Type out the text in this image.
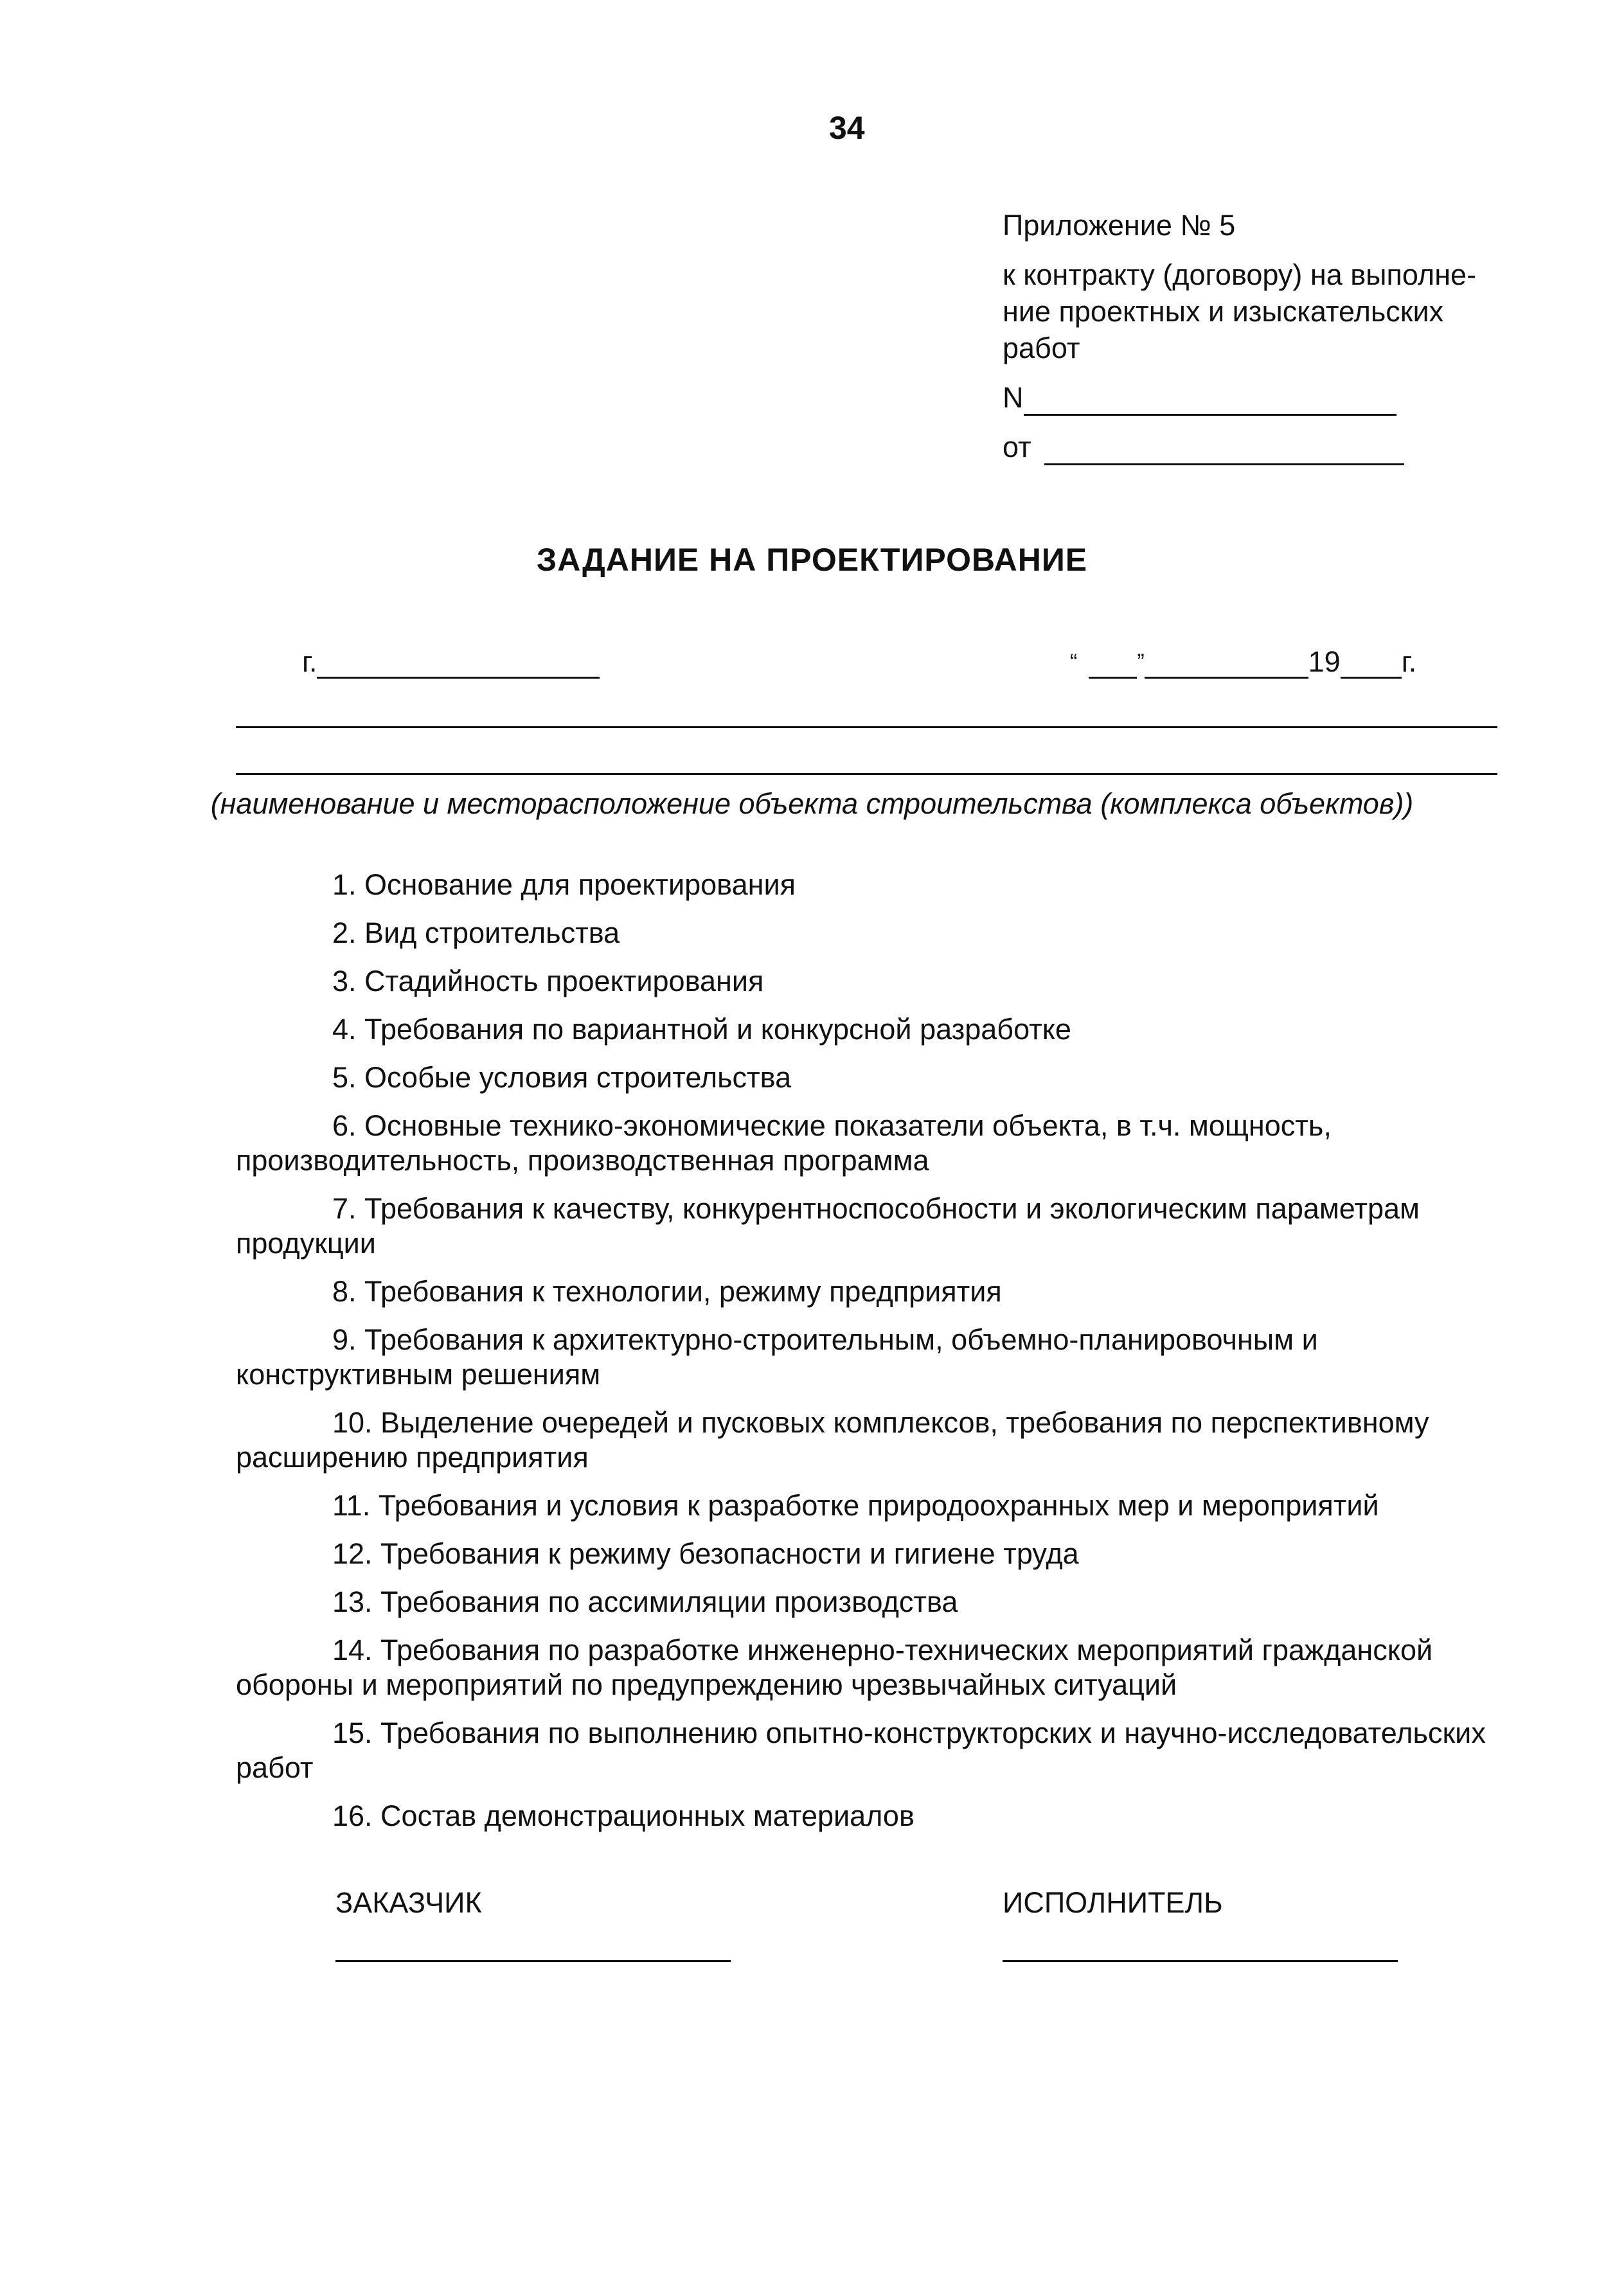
34
Приложение № 5
к контракту (договору) на выполне-
ние проектных и изыскательских
работ
N
от
ЗАДАНИЕ НА ПРОЕКТИРОВАНИЕ
г.	“	”	19 г.
(наименование и месторасположение объекта строительства (комплекса объектов))
1. Основание для проектирования
2. Вид строительства
3. Стадийность проектирования
4. Требования по вариантной и конкурсной разработке
5. Особые условия строительства
6. Основные технико-экономические показатели объекта, в т.ч. мощность, производительность, производственная программа
7. Требования к качеству, конкурентноспособности и экологическим параметрам продукции
8. Требования к технологии, режиму предприятия
9. Требования к архитектурно-строительным, объемно-планировочным и конструктивным решениям
10. Выделение очередей и пусковых комплексов, требования по перспективному расширению предприятия
11. Требования и условия к разработке природоохранных мер и мероприятий
12. Требования к режиму безопасности и гигиене труда
13. Требования по ассимиляции производства
14. Требования по разработке инженерно-технических мероприятий гражданской обороны и мероприятий по предупреждению чрезвычайных ситуаций
15. Требования по выполнению опытно-конструкторских и научно-исследовательских работ
16. Состав демонстрационных материалов
ЗАКАЗЧИК	ИСПОЛНИТЕЛЬ
